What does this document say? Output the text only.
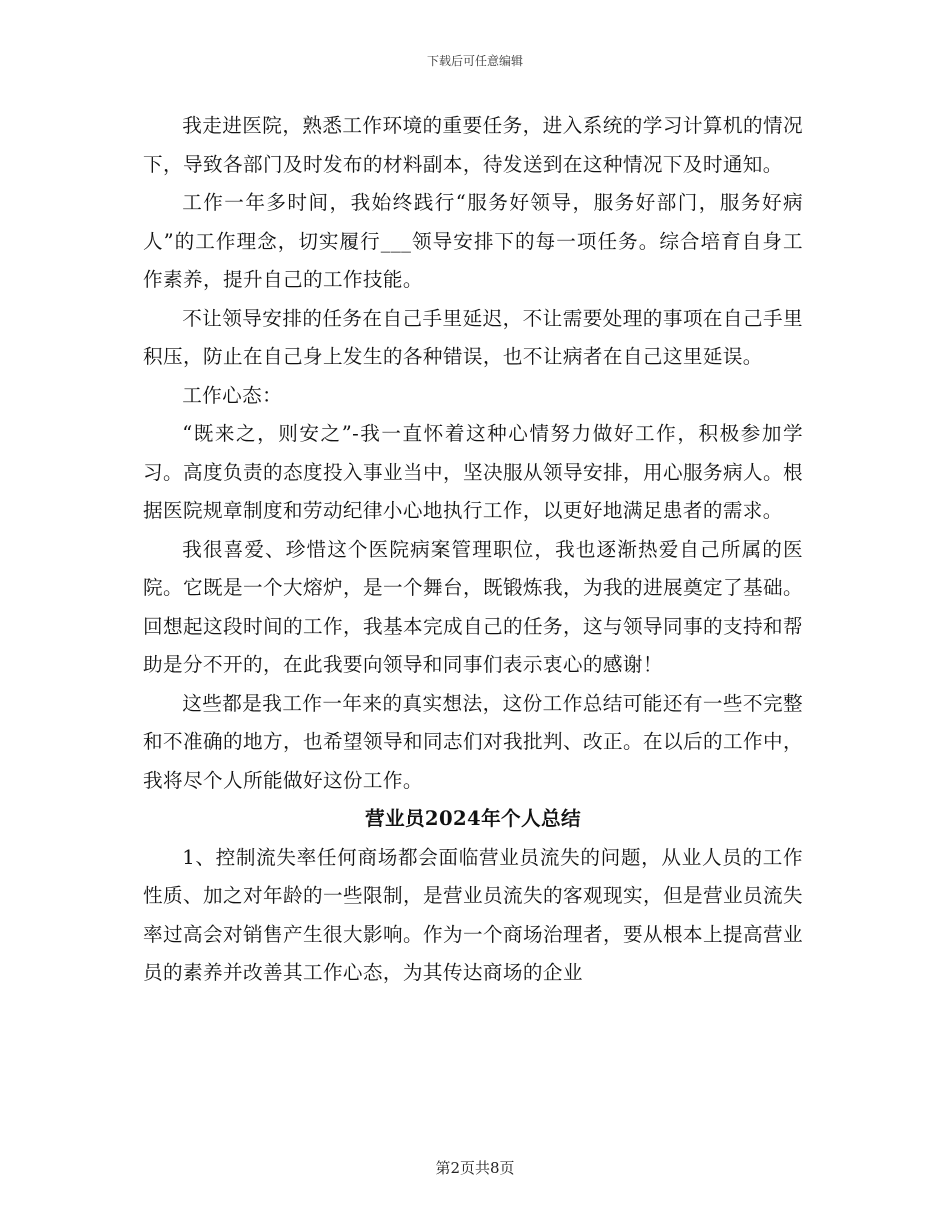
下载后可任意编辑

我走进医院，熟悉工作环境的重要任务，进入系统的学习计算机的情况下，导致各部门及时发布的材料副本，待发送到在这种情况下及时通知。

工作一年多时间，我始终践行“服务好领导，服务好部门，服务好病人”的工作理念，切实履行___领导安排下的每一项任务。综合培育自身工作素养，提升自己的工作技能。

不让领导安排的任务在自己手里延迟，不让需要处理的事项在自己手里积压，防止在自己身上发生的各种错误，也不让病者在自己这里延误。

工作心态：

“既来之，则安之”-我一直怀着这种心情努力做好工作，积极参加学习。高度负责的态度投入事业当中，坚决服从领导安排，用心服务病人。根据医院规章制度和劳动纪律小心地执行工作，以更好地满足患者的需求。

我很喜爱、珍惜这个医院病案管理职位，我也逐渐热爱自己所属的医院。它既是一个大熔炉，是一个舞台，既锻炼我，为我的进展奠定了基础。回想起这段时间的工作，我基本完成自己的任务，这与领导同事的支持和帮助是分不开的，在此我要向领导和同事们表示衷心的感谢！

这些都是我工作一年来的真实想法，这份工作总结可能还有一些不完整和不准确的地方，也希望领导和同志们对我批判、改正。在以后的工作中，我将尽个人所能做好这份工作。

营业员2024年个人总结

1、控制流失率任何商场都会面临营业员流失的问题，从业人员的工作性质、加之对年龄的一些限制，是营业员流失的客观现实，但是营业员流失率过高会对销售产生很大影响。作为一个商场治理者，要从根本上提高营业员的素养并改善其工作心态，为其传达商场的企业

第2页共8页
